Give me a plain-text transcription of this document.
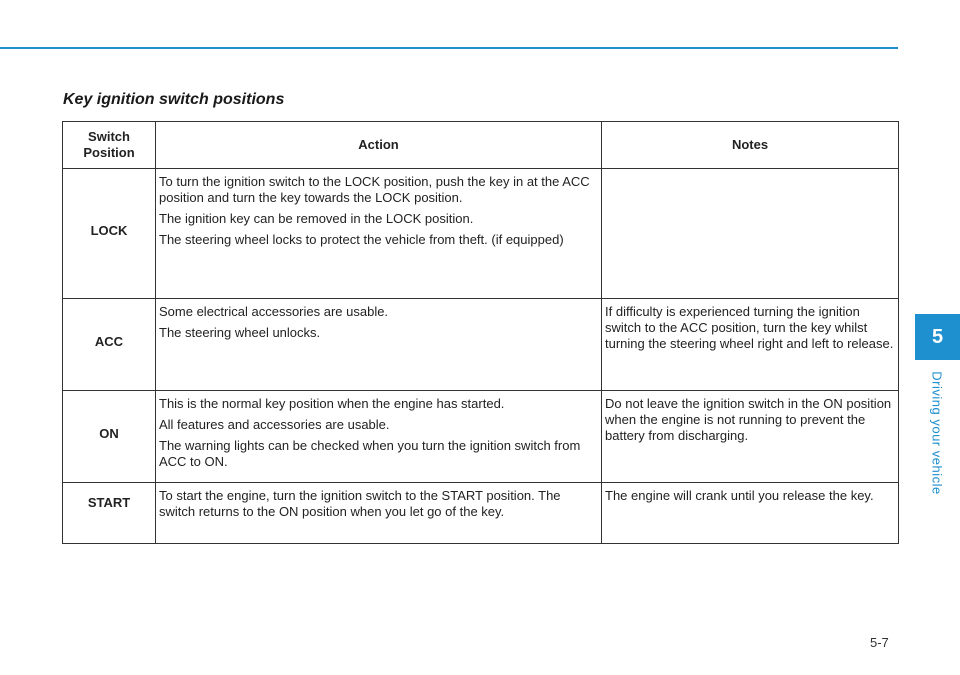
Key ignition switch positions
Switch Position	Action	Notes

LOCK	To turn the ignition switch to the LOCK position, push the key in at the ACC position and turn the key towards the LOCK position.

The ignition key can be removed in the LOCK position.

The steering wheel locks to protect the vehicle from theft. (if equipped)	

ACC	Some electrical accessories are usable.

The steering wheel unlocks.	If difficulty is experienced turning the ignition switch to the ACC position, turn the key whilst turning the steering wheel right and left to release.

ON	This is the normal key position when the engine has started.

All features and accessories are usable.

The warning lights can be checked when you turn the ignition switch from ACC to ON.	Do not leave the ignition switch in the ON position when the engine is not running to prevent the battery from discharging.

START	To start the engine, turn the ignition switch to the START position. The switch returns to the ON position when you let go of the key.	The engine will crank until you release the key.

5
Driving your vehicle
5-7
